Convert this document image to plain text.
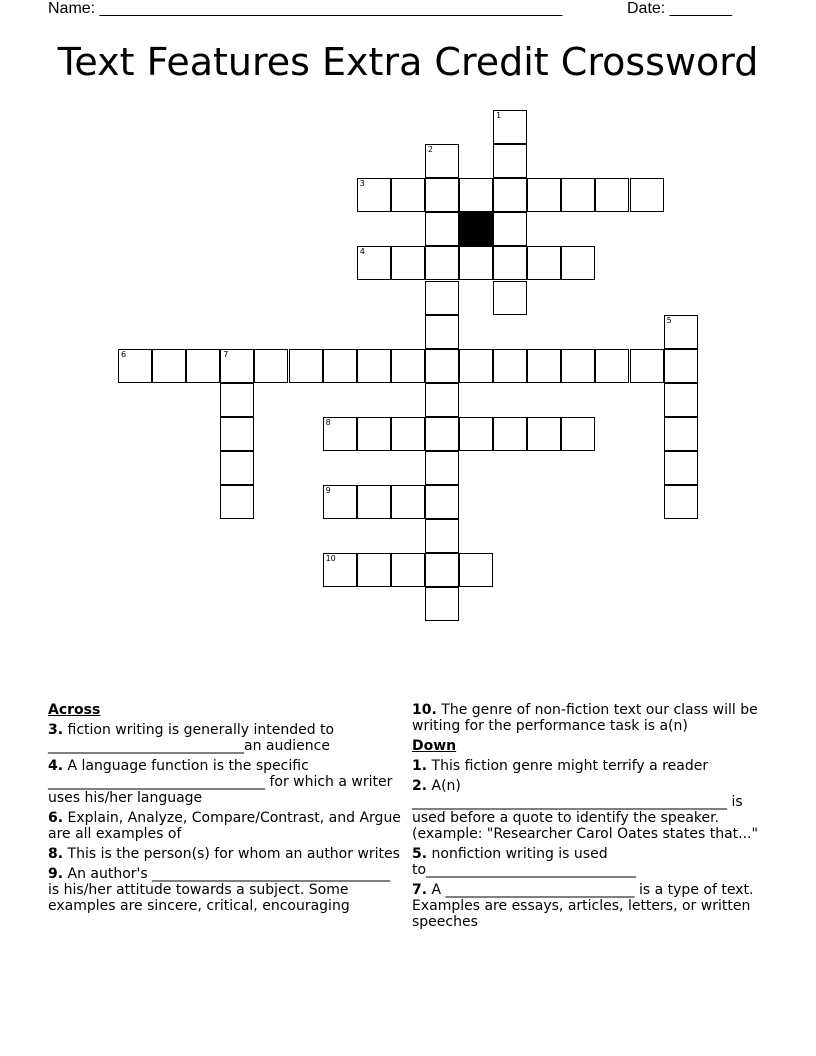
Name: ____________________________________________________	Date: _______
Text Features Extra Credit Crossword
1
2
3
4
5
6	7
8
9
10
Across
3. fiction writing is generally intended to ____________________________an audience
4. A language function is the specific _______________________________ for which a writer uses his/her language
6. Explain, Analyze, Compare/Contrast, and Argue are all examples of
8. This is the person(s) for whom an author writes
9. An author's __________________________________ is his/her attitude towards a subject. Some examples are sincere, critical, encouraging
10. The genre of non-fiction text our class will be writing for the performance task is a(n)
Down
1. This fiction genre might terrify a reader
2. A(n) _____________________________________________ is used before a quote to identify the speaker. (example: "Researcher Carol Oates states that..."
5. nonfiction writing is used to______________________________
7. A ___________________________ is a type of text. Examples are essays, articles, letters, or written speeches
